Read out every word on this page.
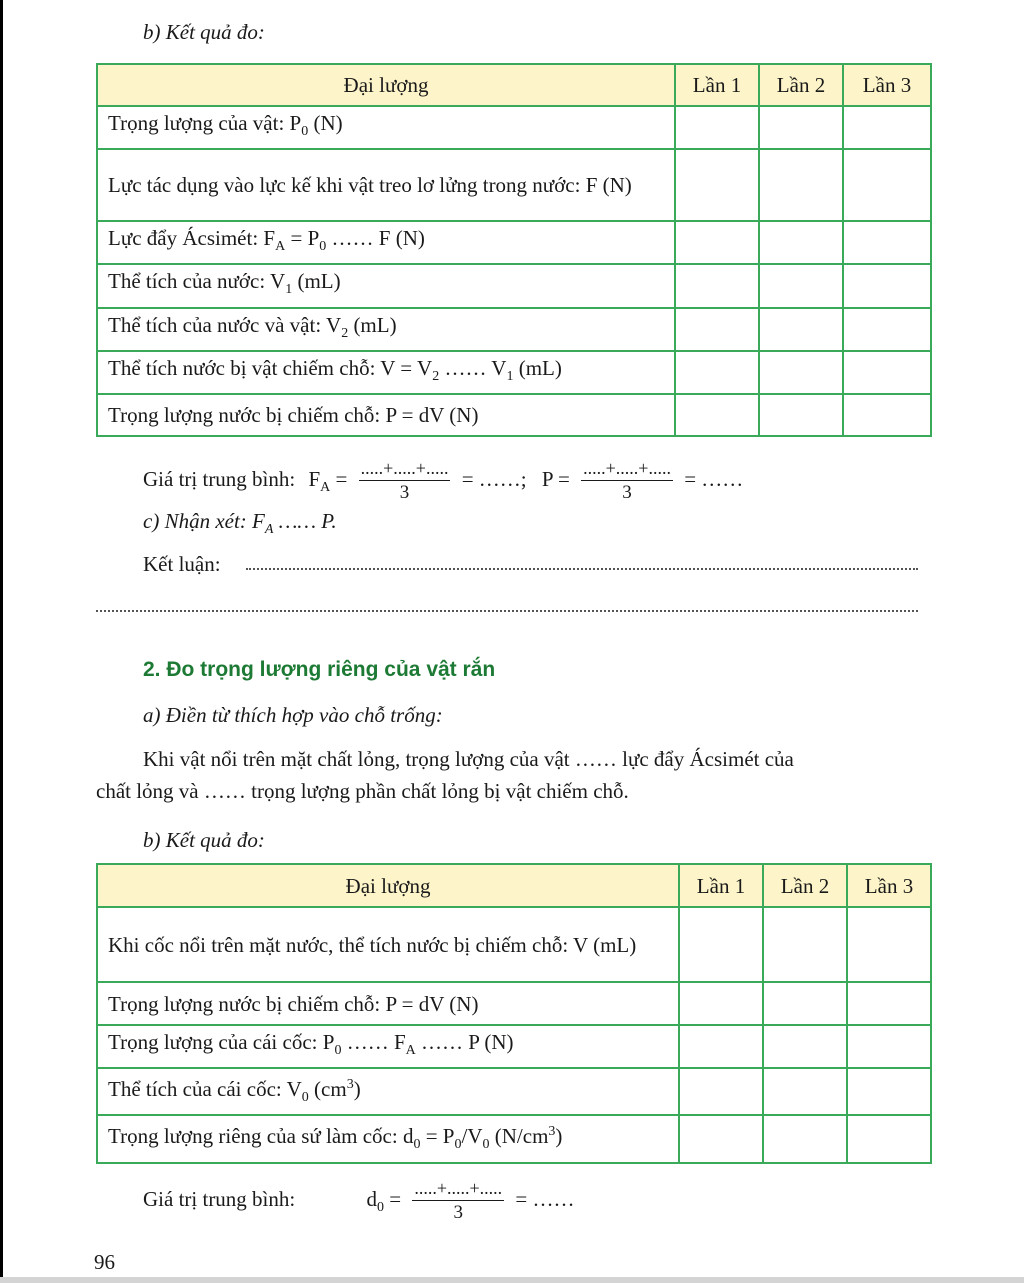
b) Kết quả đo:
Đại lượng	Lần 1	Lần 2	Lần 3
Trọng lượng của vật: $P_0$ (N)			
Lực tác dụng vào lực kế khi vật treo lơ lửng trong nước: F (N)			
Lực đẩy Ácsimét: $F_A = P_0$ …… F (N)			
Thể tích của nước: $V_1$ (mL)			
Thể tích của nước và vật: $V_2$ (mL)			
Thể tích nước bị vật chiếm chỗ: $V = V_2$ …… $V_1$ (mL)			
Trọng lượng nước bị chiếm chỗ: P = dV (N)			
Giá trị trung bình: $F_A = \frac{.....+.....+.....}{3}$ = ……; $P = \frac{.....+.....+.....}{3}$ = ……
c) Nhận xét: $F_A$ …… P.
Kết luận:
2. Đo trọng lượng riêng của vật rắn
a) Điền từ thích hợp vào chỗ trống:
Khi vật nổi trên mặt chất lỏng, trọng lượng của vật …… lực đẩy Ácsimét của
chất lỏng và …… trọng lượng phần chất lỏng bị vật chiếm chỗ.
b) Kết quả đo:
Đại lượng	Lần 1	Lần 2	Lần 3
Khi cốc nổi trên mặt nước, thể tích nước bị chiếm chỗ: V (mL)			
Trọng lượng nước bị chiếm chỗ: P = dV (N)			
Trọng lượng của cái cốc: $P_0$ …… $F_A$ …… P (N)			
Thể tích của cái cốc: $V_0$ $(cm^3)$			
Trọng lượng riêng của sứ làm cốc: $d_0 = P_0/V_0$ $(N/cm^3)$			
Giá trị trung bình:	$d_0 = \frac{.....+.....+.....}{3}$ = ……
96
